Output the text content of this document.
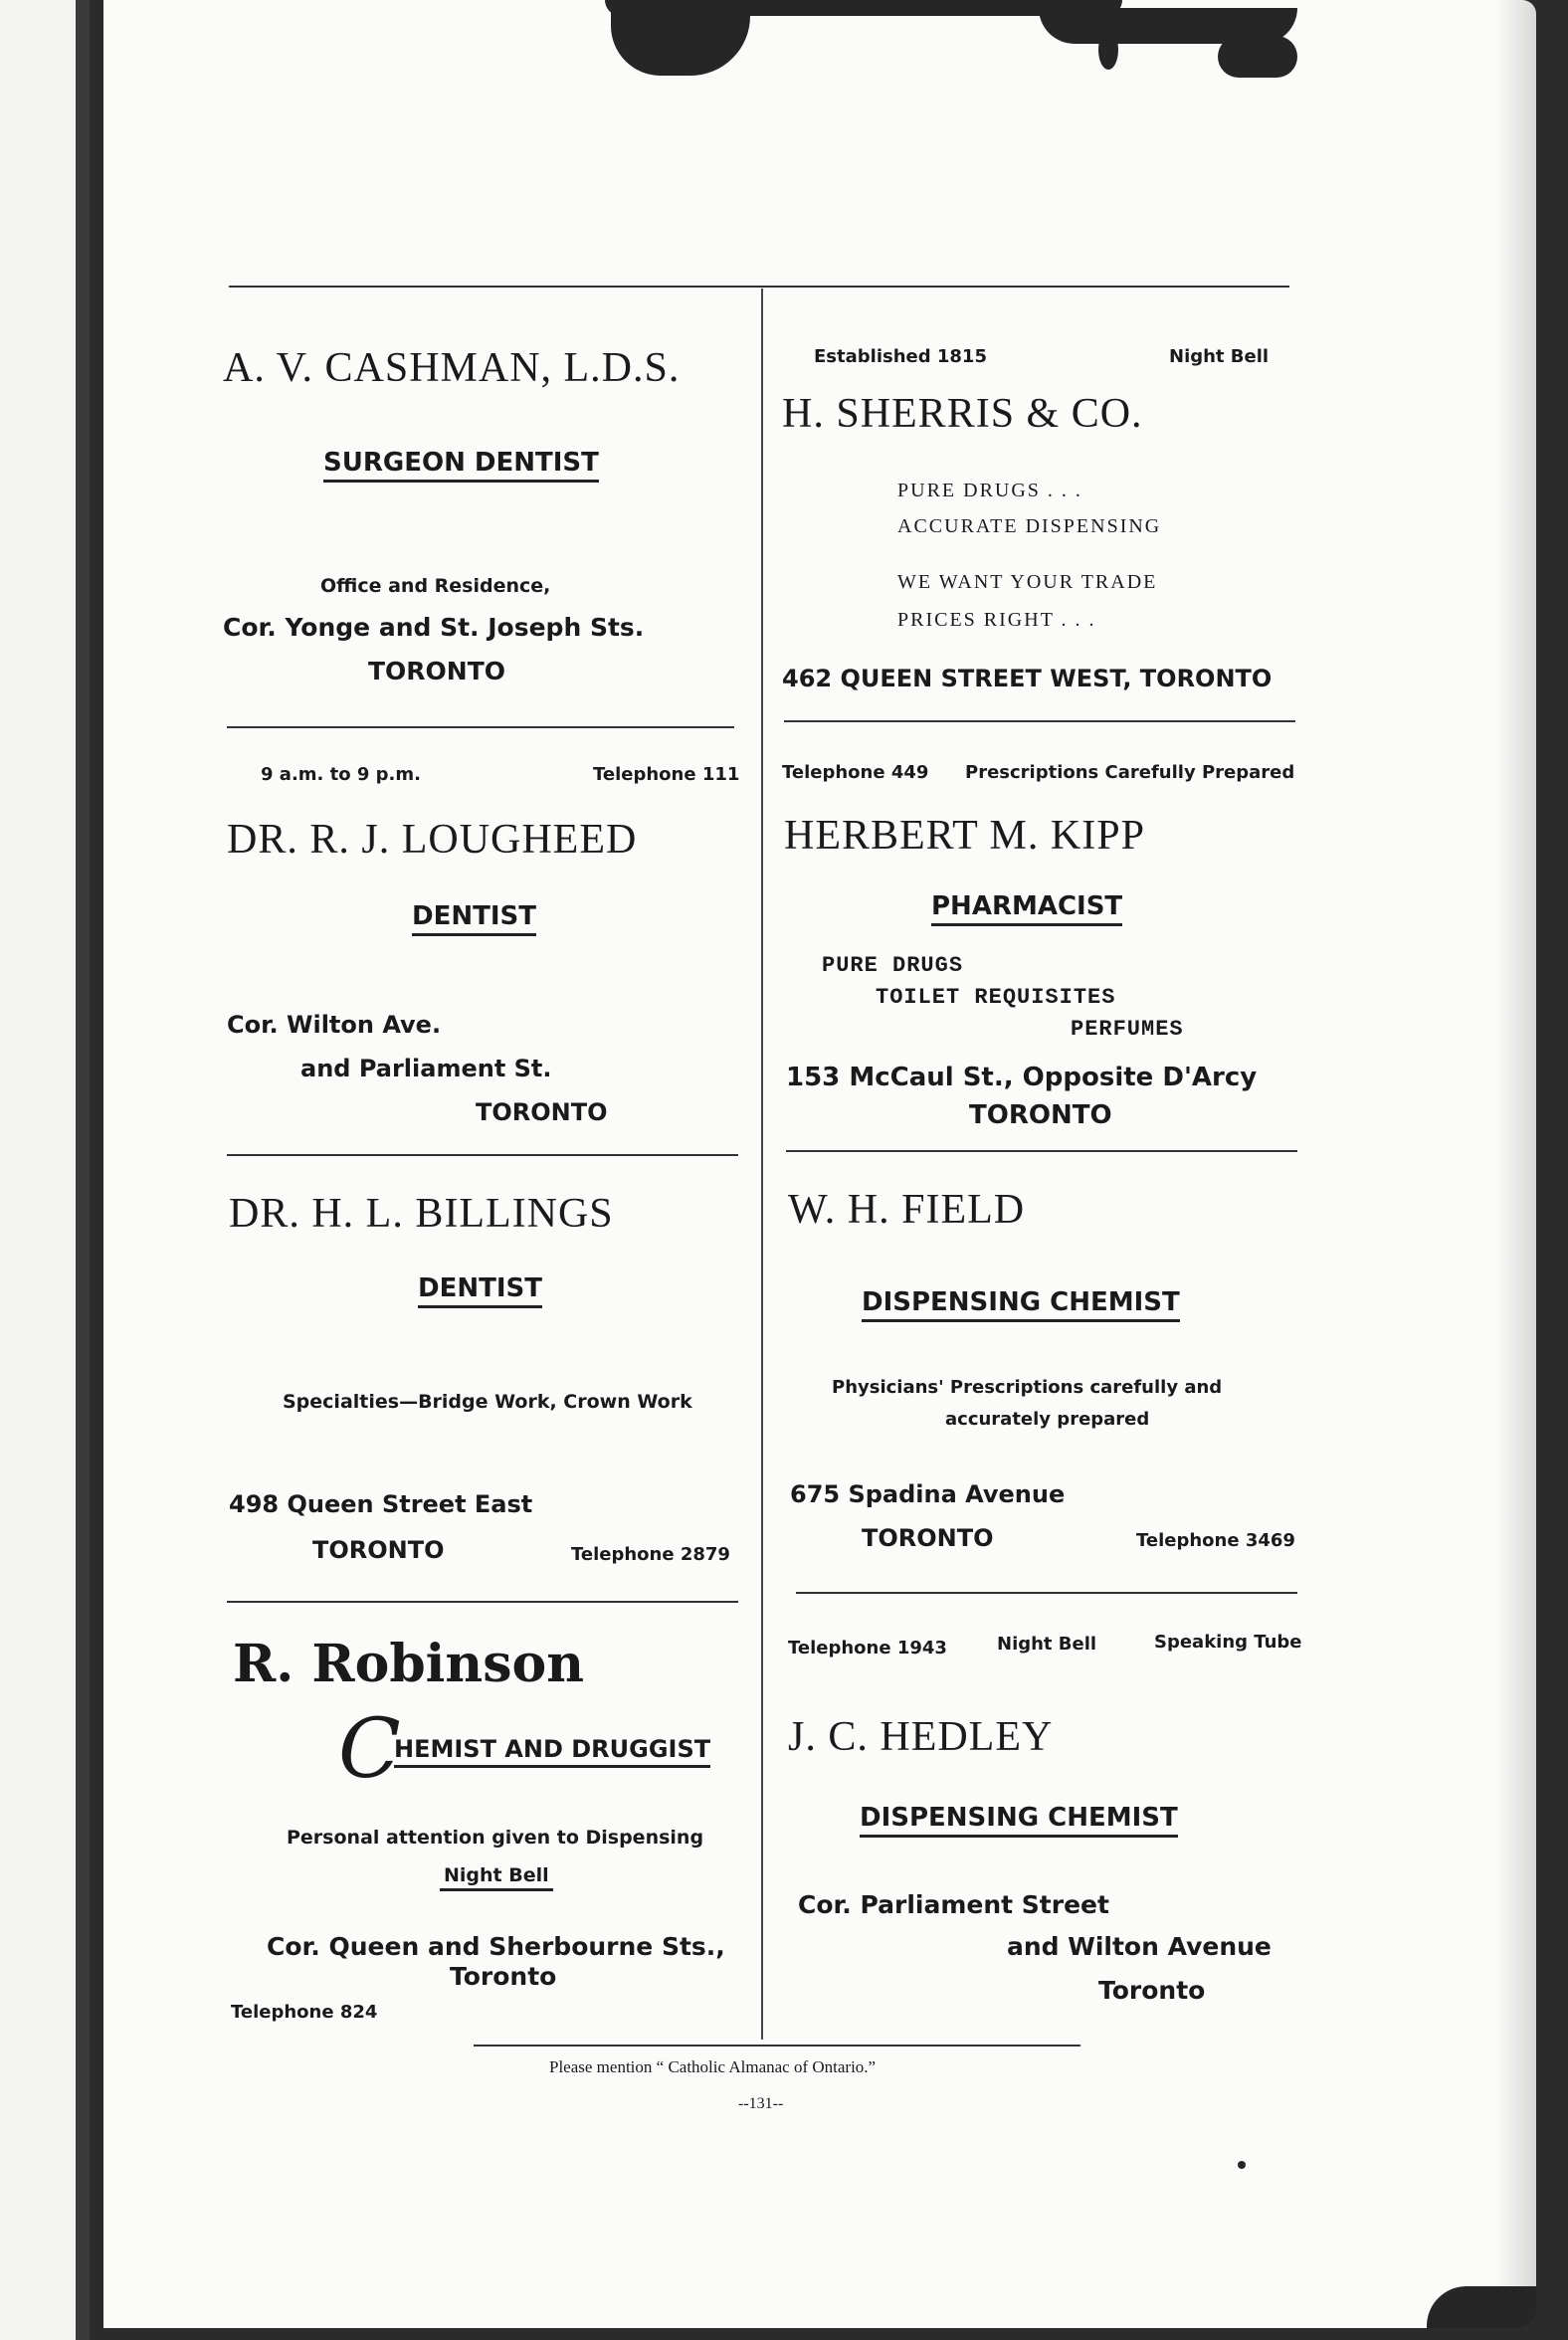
A. V. CASHMAN, L.D.S.
SURGEON DENTIST
Office and Residence,
Cor. Yonge and St. Joseph Sts.
TORONTO
Established 1815	Night Bell
H. SHERRIS & CO.
PURE DRUGS . . .
ACCURATE DISPENSING
WE WANT YOUR TRADE
PRICES RIGHT . . .
462 QUEEN STREET WEST, TORONTO
9 a.m. to 9 p.m.	Telephone 111
DR. R. J. LOUGHEED
DENTIST
Cor. Wilton Ave.
and Parliament St.
TORONTO
Telephone 449 Prescriptions Carefully Prepared
HERBERT M. KIPP
PHARMACIST
PURE DRUGS
TOILET REQUISITES
PERFUMES
153 McCaul St., Opposite D'Arcy
TORONTO
DR. H. L. BILLINGS
DENTIST
Specialties—Bridge Work, Crown Work
498 Queen Street East
TORONTO	Telephone 2879
W. H. FIELD
DISPENSING CHEMIST
Physicians' Prescriptions carefully and
accurately prepared
675 Spadina Avenue
TORONTO	Telephone 3469
R. Robinson
C
HEMIST AND DRUGGIST
Personal attention given to Dispensing
Night Bell
Cor. Queen and Sherbourne Sts.,
Toronto
Telephone 824
Telephone 1943	Night Bell	Speaking Tube
J. C. HEDLEY
DISPENSING CHEMIST
Cor. Parliament Street
and Wilton Avenue
Toronto
Please mention “ Catholic Almanac of Ontario.”
--131--
